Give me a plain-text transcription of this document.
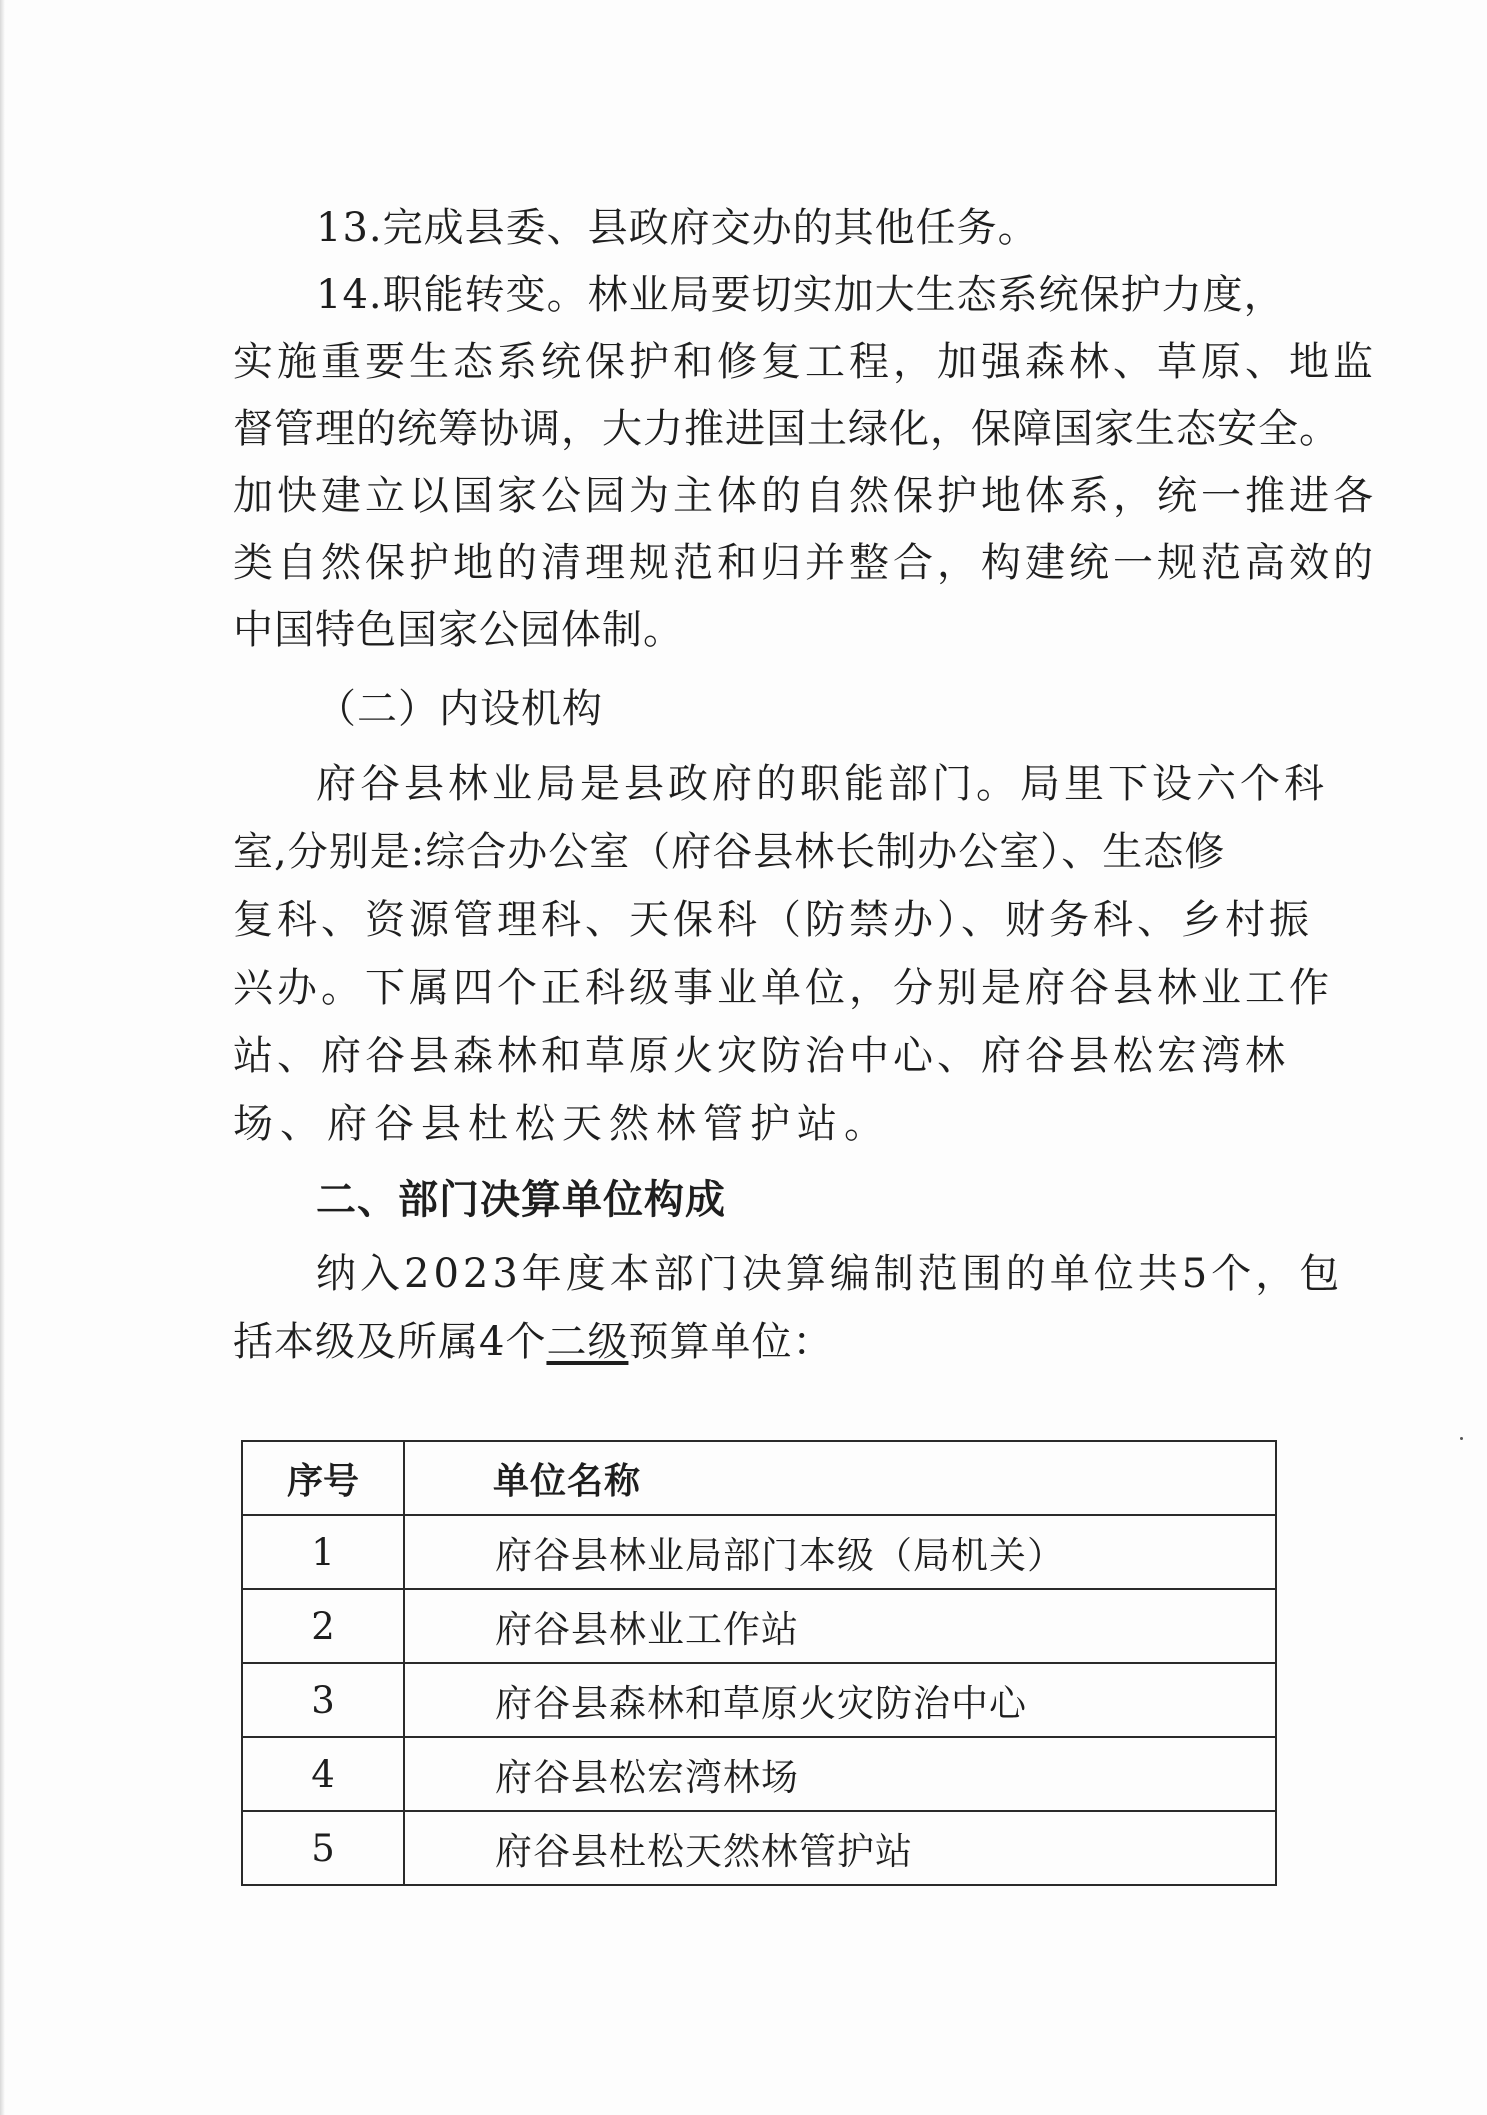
13.完成县委、县政府交办的其他任务。
14.职能转变。林业局要切实加大生态系统保护力度，
实施重要生态系统保护和修复工程，加强森林、草原、地监
督管理的统筹协调，大力推进国土绿化，保障国家生态安全。
加快建立以国家公园为主体的自然保护地体系，统一推进各
类自然保护地的清理规范和归并整合，构建统一规范高效的
中国特色国家公园体制。
（二）内设机构
府谷县林业局是县政府的职能部门。局里下设六个科
室,分别是:综合办公室（府谷县林长制办公室）、生态修
复科、资源管理科、天保科（防禁办）、财务科、乡村振
兴办。下属四个正科级事业单位，分别是府谷县林业工作
站、府谷县森林和草原火灾防治中心、府谷县松宏湾林
场、府谷县杜松天然林管护站。
二、部门决算单位构成
纳入2023年度本部门决算编制范围的单位共5个，包
括本级及所属4个二级预算单位：
序号	单位名称
1	府谷县林业局部门本级（局机关）
2	府谷县林业工作站
3	府谷县森林和草原火灾防治中心
4	府谷县松宏湾林场
5	府谷县杜松天然林管护站
